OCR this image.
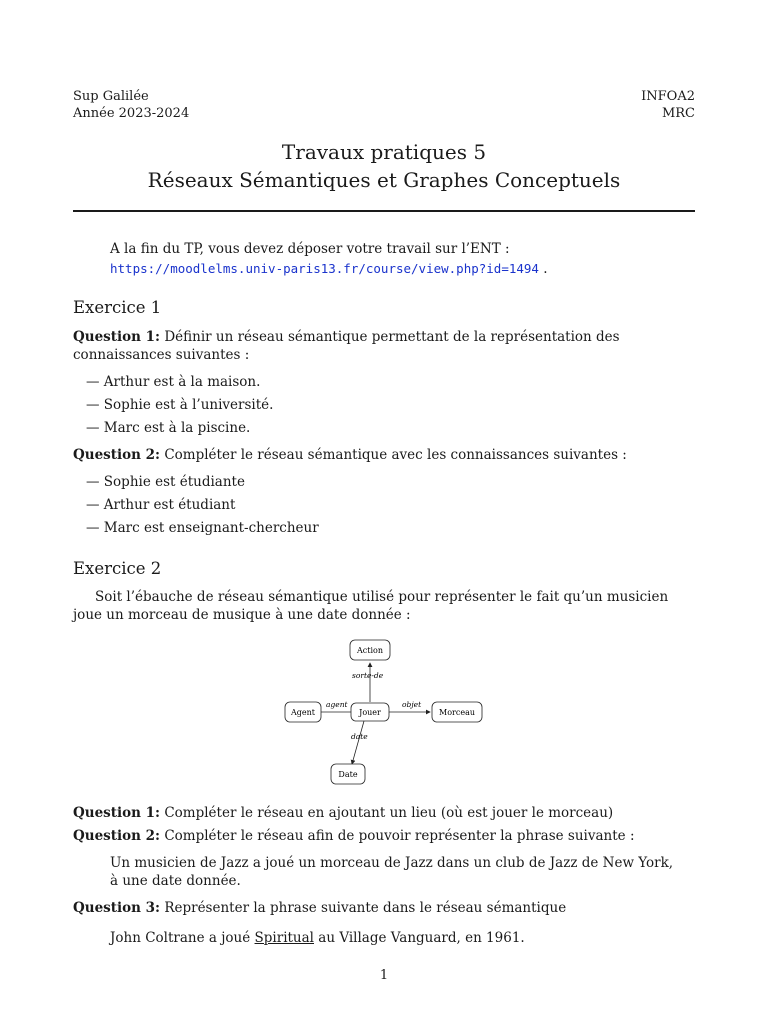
Sup Galilée
Année 2023-2024
INFOA2
MRC
Travaux pratiques 5
Réseaux Sémantiques et Graphes Conceptuels
A la fin du TP, vous devez déposer votre travail sur l’ENT :
https://moodlelms.univ-paris13.fr/course/view.php?id=1494 .
Exercice 1
Question 1: Définir un réseau sémantique permettant de la représentation des connaissances suivantes :
— Arthur est à la maison.
— Sophie est à l’université.
— Marc est à la piscine.
Question 2: Compléter le réseau sémantique avec les connaissances suivantes :
— Sophie est étudiante
— Arthur est étudiant
— Marc est enseignant-chercheur
Exercice 2
Soit l’ébauche de réseau sémantique utilisé pour représenter le fait qu’un musicien joue un morceau de musique à une date donnée :
sorte-de
agent	objet
date
Action
Agent	Jouer	Morceau
Date
Question 1: Compléter le réseau en ajoutant un lieu (où est jouer le morceau)
Question 2: Compléter le réseau afin de pouvoir représenter la phrase suivante :
Un musicien de Jazz a joué un morceau de Jazz dans un club de Jazz de New York,
à une date donnée.
Question 3: Représenter la phrase suivante dans le réseau sémantique
John Coltrane a joué Spiritual au Village Vanguard, en 1961.
1
